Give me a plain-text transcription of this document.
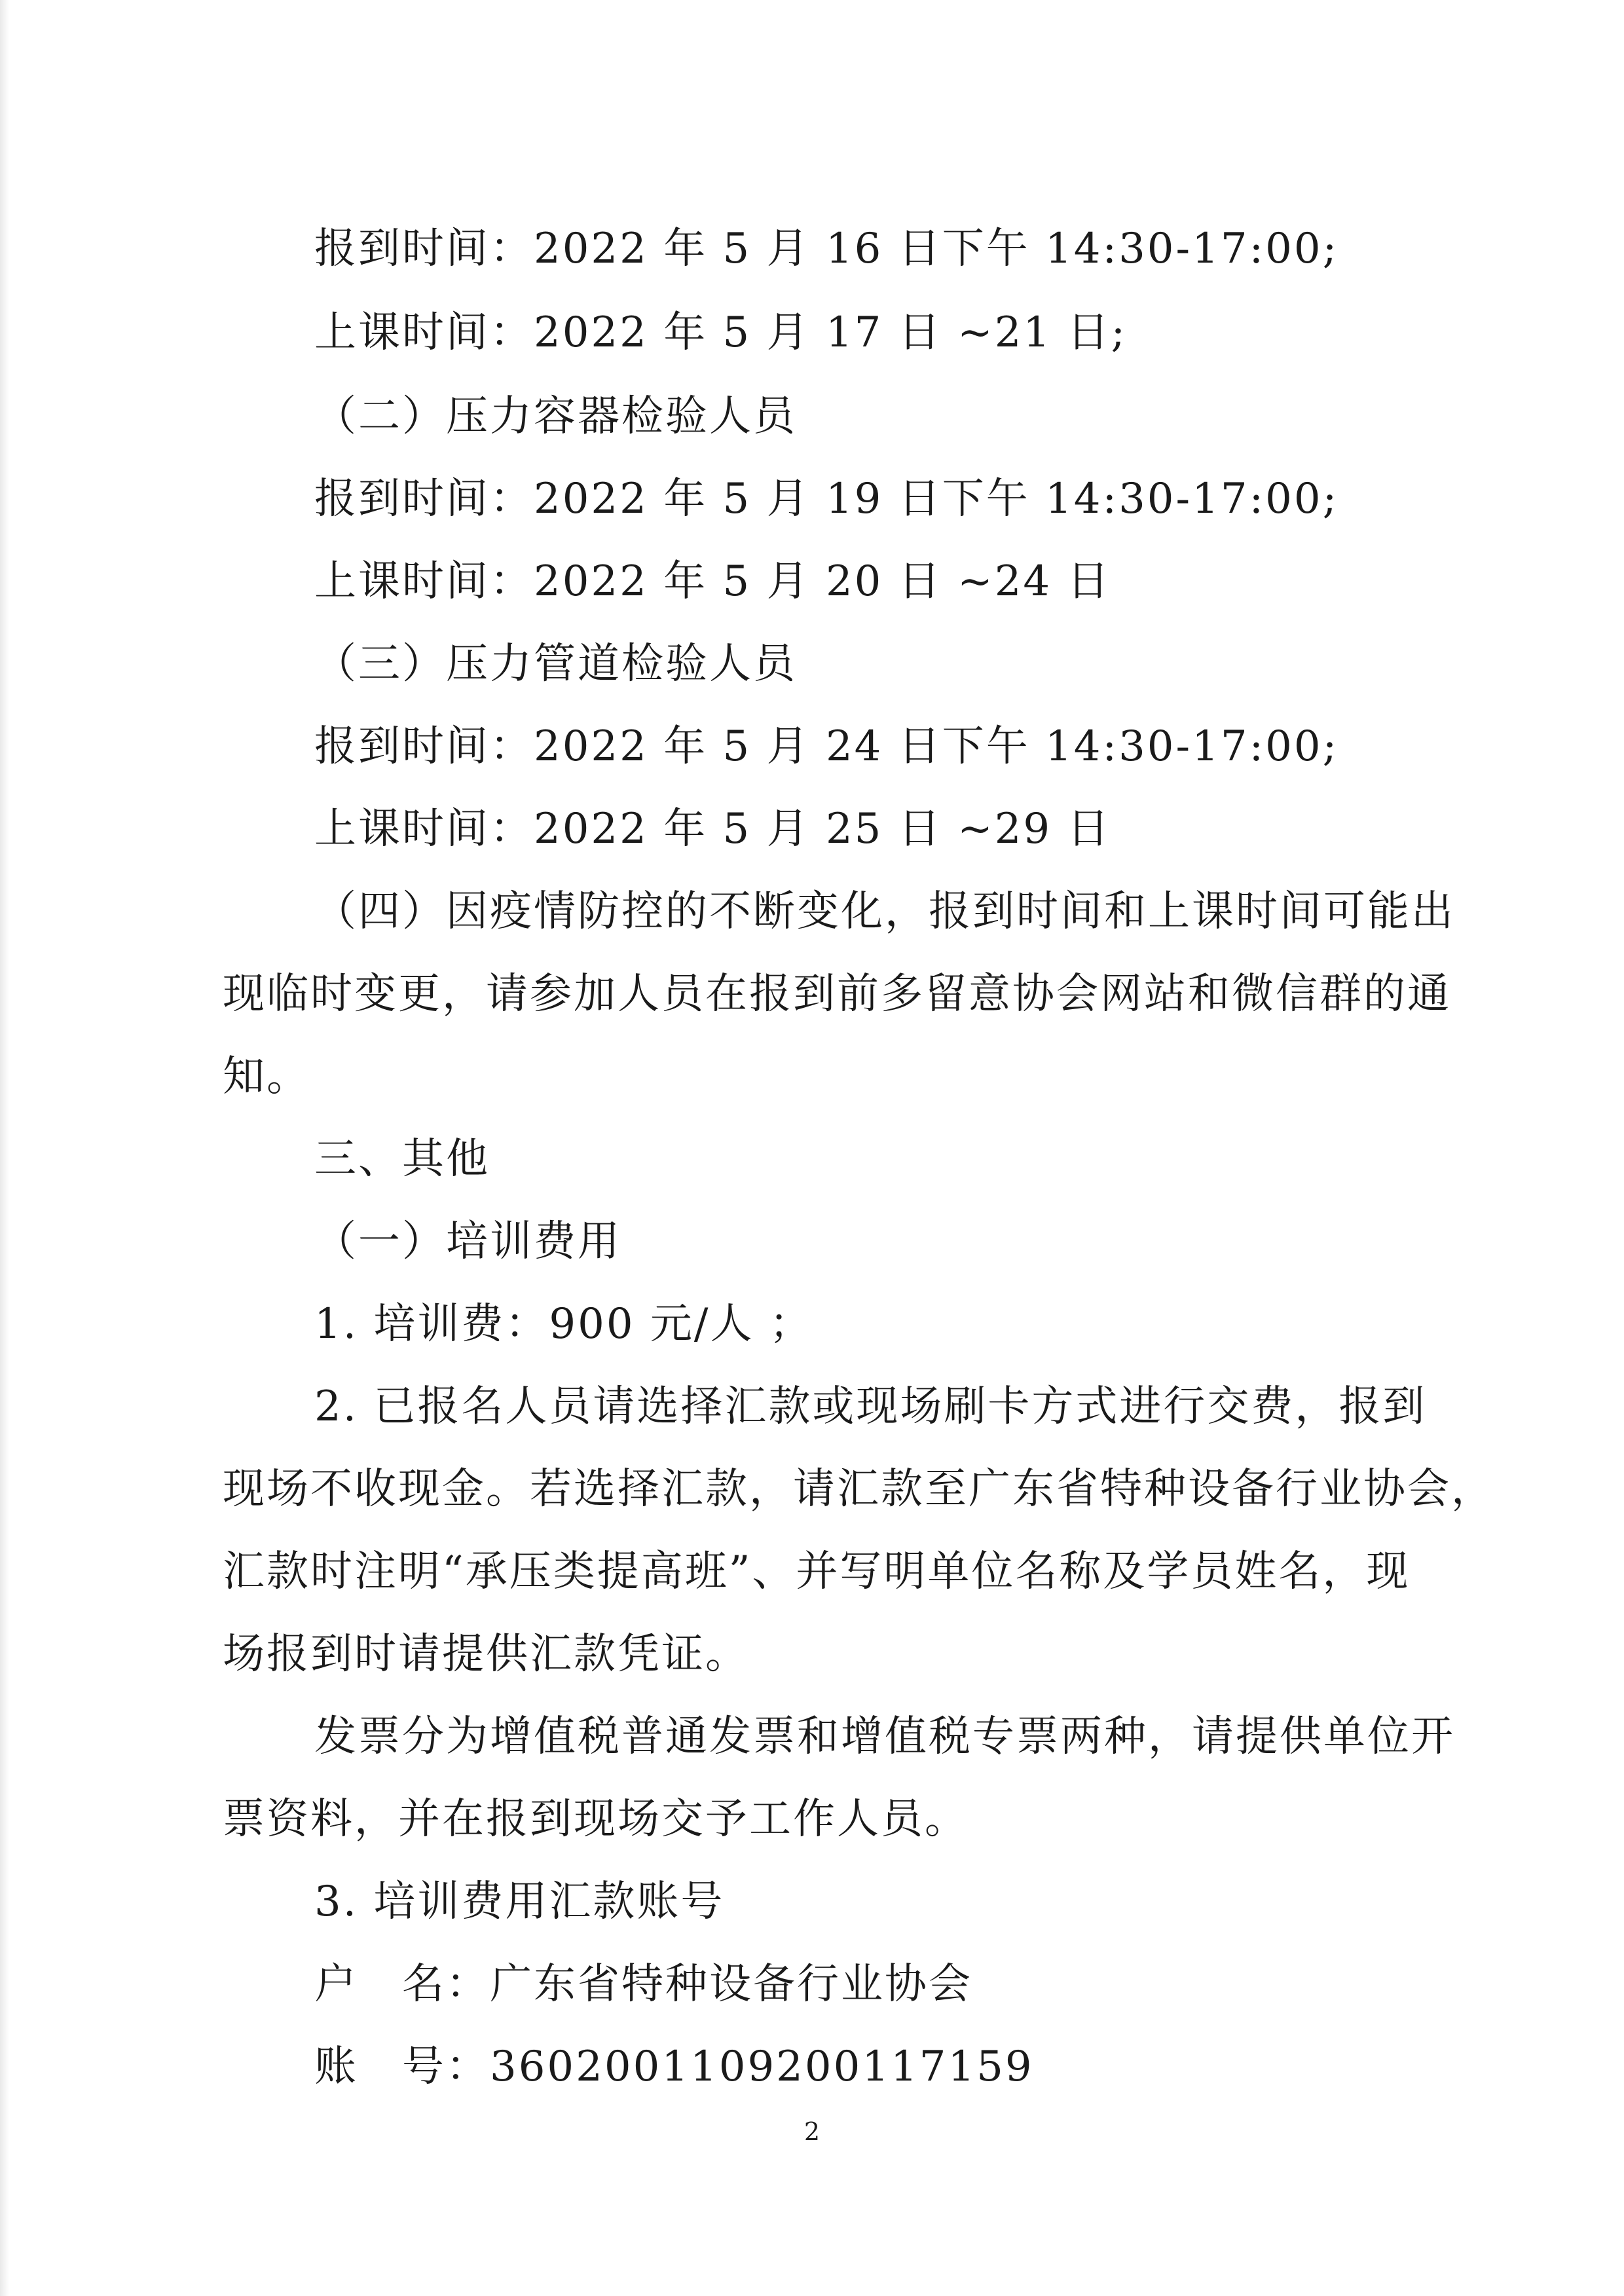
报到时间：2022 年 5 月 16 日下午 14:30-17:00;
上课时间：2022 年 5 月 17 日 ~21 日;
（二）压力容器检验人员
报到时间：2022 年 5 月 19 日下午 14:30-17:00;
上课时间：2022 年 5 月 20 日 ~24 日
（三）压力管道检验人员
报到时间：2022 年 5 月 24 日下午 14:30-17:00;
上课时间：2022 年 5 月 25 日 ~29 日
（四）因疫情防控的不断变化，报到时间和上课时间可能出
现临时变更，请参加人员在报到前多留意协会网站和微信群的通
知。
三、其他
（一）培训费用
1. 培训费：900 元/人 ；
2. 已报名人员请选择汇款或现场刷卡方式进行交费，报到
现场不收现金。若选择汇款，请汇款至广东省特种设备行业协会，
汇款时注明“承压类提高班”、并写明单位名称及学员姓名，现
场报到时请提供汇款凭证。
发票分为增值税普通发票和增值税专票两种，请提供单位开
票资料，并在报到现场交予工作人员。
3. 培训费用汇款账号
户　名：广东省特种设备行业协会
账　号：3602001109200117159
2
